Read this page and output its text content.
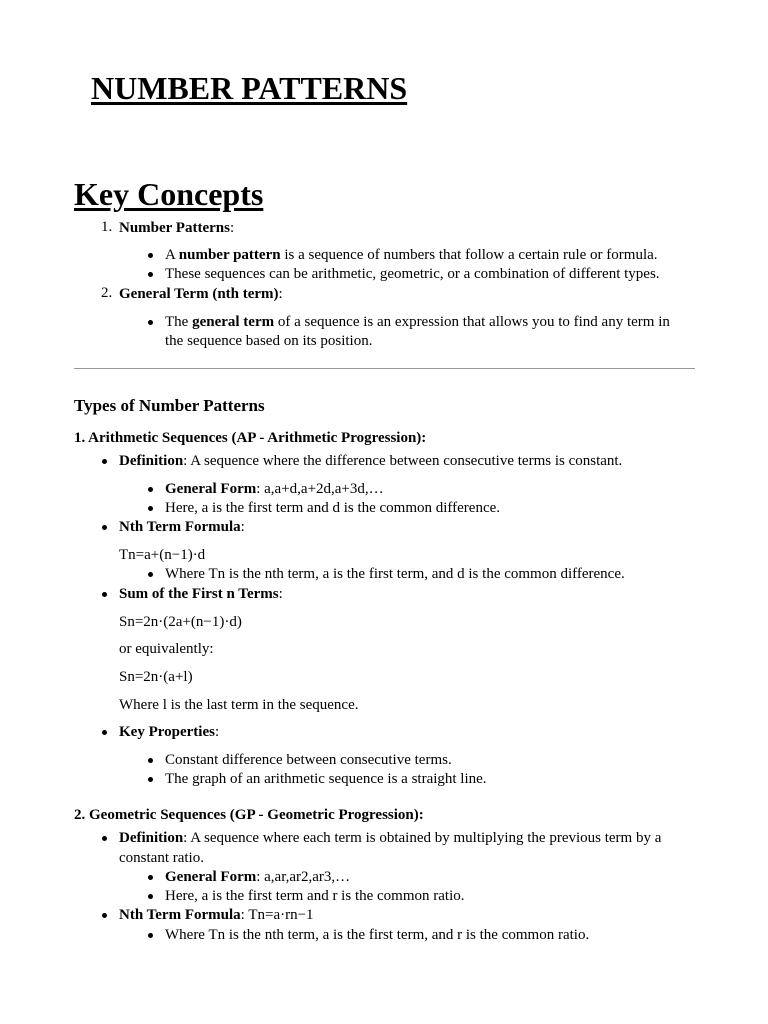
NUMBER PATTERNS
Key Concepts
1. Number Patterns:
A number pattern is a sequence of numbers that follow a certain rule or formula.
These sequences can be arithmetic, geometric, or a combination of different types.
2. General Term (nth term):
The general term of a sequence is an expression that allows you to find any term in
the sequence based on its position.
Types of Number Patterns
1. Arithmetic Sequences (AP - Arithmetic Progression):
Definition: A sequence where the difference between consecutive terms is constant.
General Form: a,a+d,a+2d,a+3d,…
Here, a is the first term and d is the common difference.
Nth Term Formula:
Tn=a+(n−1)·d
Where Tn is the nth term, a is the first term, and d is the common difference.
Sum of the First n Terms:
Sn=2n·(2a+(n−1)·d)
or equivalently:
Sn=2n·(a+l)
Where l is the last term in the sequence.
Key Properties:
Constant difference between consecutive terms.
The graph of an arithmetic sequence is a straight line.
2. Geometric Sequences (GP - Geometric Progression):
Definition: A sequence where each term is obtained by multiplying the previous term by a
constant ratio.
General Form: a,ar,ar2,ar3,…
Here, a is the first term and r is the common ratio.
Nth Term Formula: Tn=a·rn−1
Where Tn is the nth term, a is the first term, and r is the common ratio.
